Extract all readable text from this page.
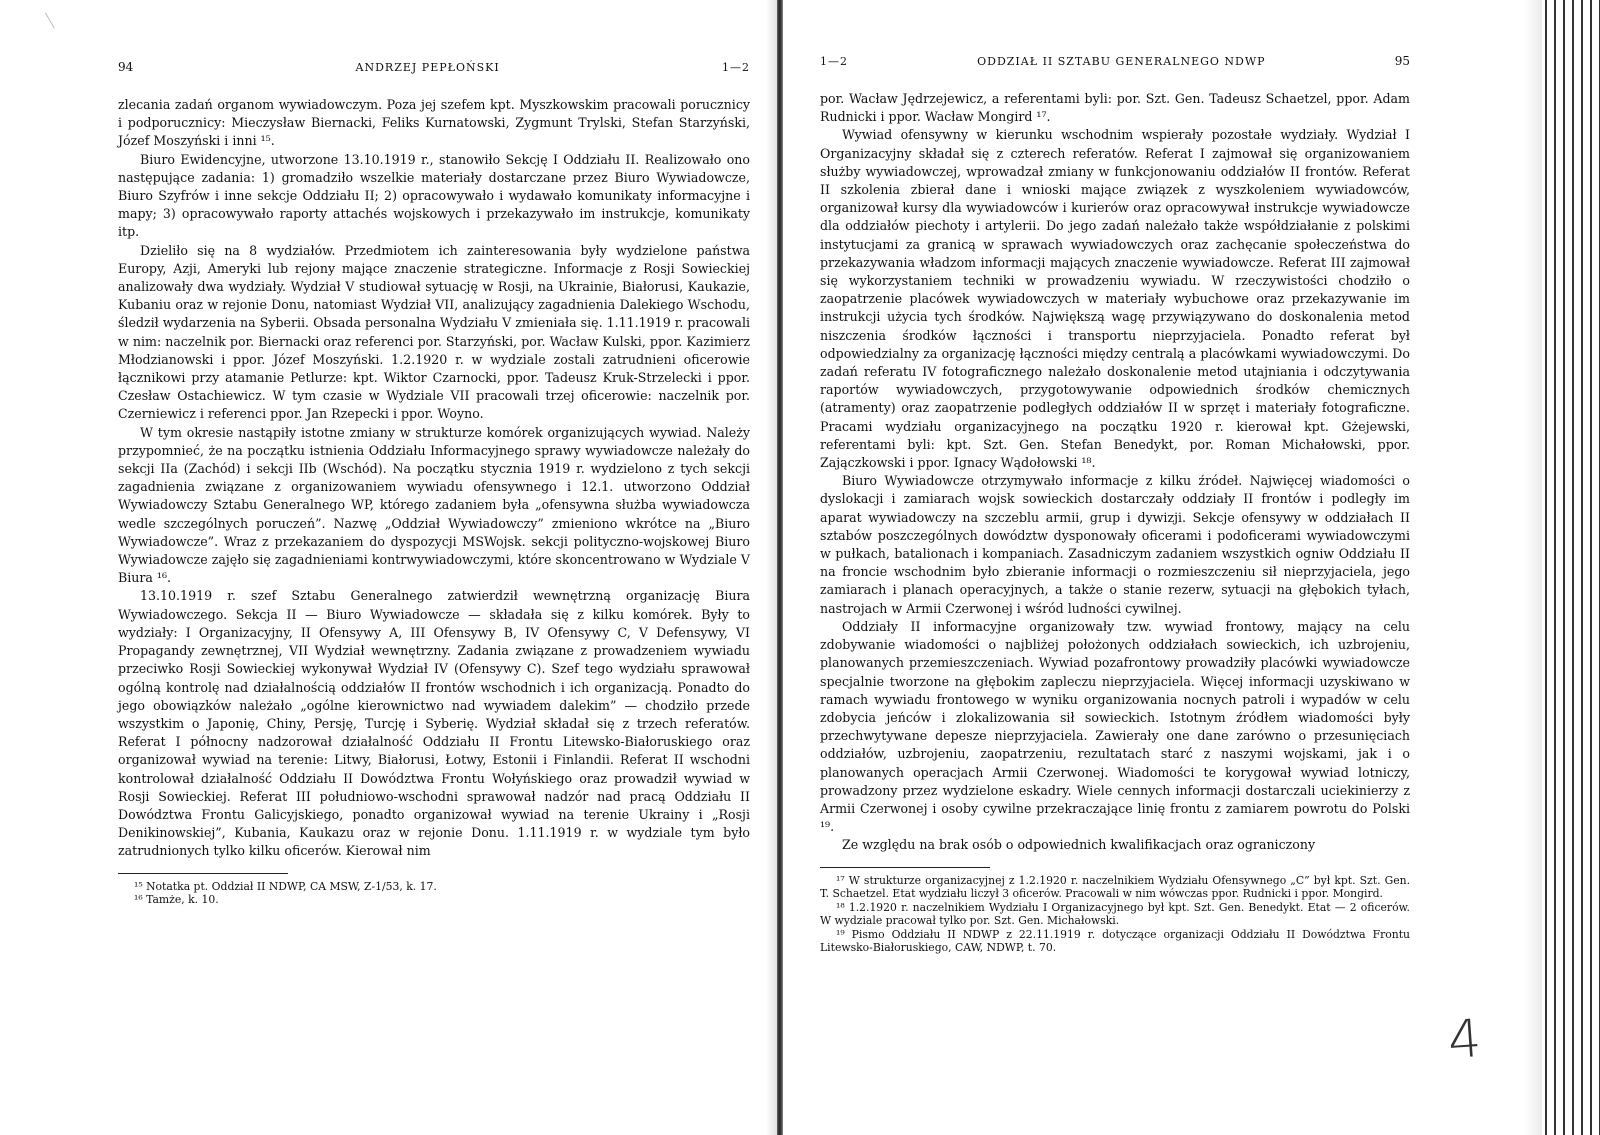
94	ANDRZEJ PEPŁOŃSKI	1—2

zlecania zadań organom wywiadowczym. Poza jej szefem kpt. Myszkowskim pracowali porucznicy i podporucznicy: Mieczysław Biernacki, Feliks Kurnatowski, Zygmunt Trylski, Stefan Starzyński, Józef Moszyński i inni ¹⁵.

Biuro Ewidencyjne, utworzone 13.10.1919 r., stanowiło Sekcję I Oddziału II. Realizowało ono następujące zadania: 1) gromadziło wszelkie materiały dostarczane przez Biuro Wywiadowcze, Biuro Szyfrów i inne sekcje Oddziału II; 2) opracowywało i wydawało komunikaty informacyjne i mapy; 3) opracowywało raporty attachés wojskowych i przekazywało im instrukcje, komunikaty itp.

Dzieliło się na 8 wydziałów. Przedmiotem ich zainteresowania były wydzielone państwa Europy, Azji, Ameryki lub rejony mające znaczenie strategiczne. Informacje z Rosji Sowieckiej analizowały dwa wydziały. Wydział V studiował sytuację w Rosji, na Ukrainie, Białorusi, Kaukazie, Kubaniu oraz w rejonie Donu, natomiast Wydział VII, analizujący zagadnienia Dalekiego Wschodu, śledził wydarzenia na Syberii. Obsada personalna Wydziału V zmieniała się. 1.11.1919 r. pracowali w nim: naczelnik por. Biernacki oraz referenci por. Starzyński, por. Wacław Kulski, ppor. Kazimierz Młodzianowski i ppor. Józef Moszyński. 1.2.1920 r. w wydziale zostali zatrudnieni oficerowie łącznikowi przy atamanie Petlurze: kpt. Wiktor Czarnocki, ppor. Tadeusz Kruk-Strzelecki i ppor. Czesław Ostachiewicz. W tym czasie w Wydziale VII pracowali trzej oficerowie: naczelnik por. Czerniewicz i referenci ppor. Jan Rzepecki i ppor. Woyno.

W tym okresie nastąpiły istotne zmiany w strukturze komórek organizujących wywiad. Należy przypomnieć, że na początku istnienia Oddziału Informacyjnego sprawy wywiadowcze należały do sekcji IIa (Zachód) i sekcji IIb (Wschód). Na początku stycznia 1919 r. wydzielono z tych sekcji zagadnienia związane z organizowaniem wywiadu ofensywnego i 12.1. utworzono Oddział Wywiadowczy Sztabu Generalnego WP, którego zadaniem była „ofensywna służba wywiadowcza wedle szczególnych poruczeń”. Nazwę „Oddział Wywiadowczy” zmieniono wkrótce na „Biuro Wywiadowcze”. Wraz z przekazaniem do dyspozycji MSWojsk. sekcji polityczno-wojskowej Biuro Wywiadowcze zajęło się zagadnieniami kontrwywiadowczymi, które skoncentrowano w Wydziale V Biura ¹⁶.

13.10.1919 r. szef Sztabu Generalnego zatwierdził wewnętrzną organizację Biura Wywiadowczego. Sekcja II — Biuro Wywiadowcze — składała się z kilku komórek. Były to wydziały: I Organizacyjny, II Ofensywy A, III Ofensywy B, IV Ofensywy C, V Defensywy, VI Propagandy zewnętrznej, VII Wydział wewnętrzny. Zadania związane z prowadzeniem wywiadu przeciwko Rosji Sowieckiej wykonywał Wydział IV (Ofensywy C). Szef tego wydziału sprawował ogólną kontrolę nad działalnością oddziałów II frontów wschodnich i ich organizacją. Ponadto do jego obowiązków należało „ogólne kierownictwo nad wywiadem dalekim” — chodziło przede wszystkim o Japonię, Chiny, Persję, Turcję i Syberię. Wydział składał się z trzech referatów. Referat I północny nadzorował działalność Oddziału II Frontu Litewsko-Białoruskiego oraz organizował wywiad na terenie: Litwy, Białorusi, Łotwy, Estonii i Finlandii. Referat II wschodni kontrolował działalność Oddziału II Dowództwa Frontu Wołyńskiego oraz prowadził wywiad w Rosji Sowieckiej. Referat III południowo-wschodni sprawował nadzór nad pracą Oddziału II Dowództwa Frontu Galicyjskiego, ponadto organizował wywiad na terenie Ukrainy i „Rosji Denikinowskiej”, Kubania, Kaukazu oraz w rejonie Donu. 1.11.1919 r. w wydziale tym było zatrudnionych tylko kilku oficerów. Kierował nim

¹⁵ Notatka pt. Oddział II NDWP, CA MSW, Z-1/53, k. 17.

¹⁶ Tamże, k. 10.

1—2	ODDZIAŁ II SZTABU GENERALNEGO NDWP	95

por. Wacław Jędrzejewicz, a referentami byli: por. Szt. Gen. Tadeusz Schaetzel, ppor. Adam Rudnicki i ppor. Wacław Mongird ¹⁷.

Wywiad ofensywny w kierunku wschodnim wspierały pozostałe wydziały. Wydział I Organizacyjny składał się z czterech referatów. Referat I zajmował się organizowaniem służby wywiadowczej, wprowadzał zmiany w funkcjonowaniu oddziałów II frontów. Referat II szkolenia zbierał dane i wnioski mające związek z wyszkoleniem wywiadowców, organizował kursy dla wywiadowców i kurierów oraz opracowywał instrukcje wywiadowcze dla oddziałów piechoty i artylerii. Do jego zadań należało także współdziałanie z polskimi instytucjami za granicą w sprawach wywiadowczych oraz zachęcanie społeczeństwa do przekazywania władzom informacji mających znaczenie wywiadowcze. Referat III zajmował się wykorzystaniem techniki w prowadzeniu wywiadu. W rzeczywistości chodziło o zaopatrzenie placówek wywiadowczych w materiały wybuchowe oraz przekazywanie im instrukcji użycia tych środków. Największą wagę przywiązywano do doskonalenia metod niszczenia środków łączności i transportu nieprzyjaciela. Ponadto referat był odpowiedzialny za organizację łączności między centralą a placówkami wywiadowczymi. Do zadań referatu IV fotograficznego należało doskonalenie metod utajniania i odczytywania raportów wywiadowczych, przygotowywanie odpowiednich środków chemicznych (atramenty) oraz zaopatrzenie podległych oddziałów II w sprzęt i materiały fotograficzne. Pracami wydziału organizacyjnego na początku 1920 r. kierował kpt. Gżejewski, referentami byli: kpt. Szt. Gen. Stefan Benedykt, por. Roman Michałowski, ppor. Zajączkowski i ppor. Ignacy Wądołowski ¹⁸.

Biuro Wywiadowcze otrzymywało informacje z kilku źródeł. Najwięcej wiadomości o dyslokacji i zamiarach wojsk sowieckich dostarczały oddziały II frontów i podległy im aparat wywiadowczy na szczeblu armii, grup i dywizji. Sekcje ofensywy w oddziałach II sztabów poszczególnych dowództw dysponowały oficerami i podoficerami wywiadowczymi w pułkach, batalionach i kompaniach. Zasadniczym zadaniem wszystkich ogniw Oddziału II na froncie wschodnim było zbieranie informacji o rozmieszczeniu sił nieprzyjaciela, jego zamiarach i planach operacyjnych, a także o stanie rezerw, sytuacji na głębokich tyłach, nastrojach w Armii Czerwonej i wśród ludności cywilnej.

Oddziały II informacyjne organizowały tzw. wywiad frontowy, mający na celu zdobywanie wiadomości o najbliżej położonych oddziałach sowieckich, ich uzbrojeniu, planowanych przemieszczeniach. Wywiad pozafrontowy prowadziły placówki wywiadowcze specjalnie tworzone na głębokim zapleczu nieprzyjaciela. Więcej informacji uzyskiwano w ramach wywiadu frontowego w wyniku organizowania nocnych patroli i wypadów w celu zdobycia jeńców i zlokalizowania sił sowieckich. Istotnym źródłem wiadomości były przechwytywane depesze nieprzyjaciela. Zawierały one dane zarówno o przesunięciach oddziałów, uzbrojeniu, zaopatrzeniu, rezultatach starć z naszymi wojskami, jak i o planowanych operacjach Armii Czerwonej. Wiadomości te korygował wywiad lotniczy, prowadzony przez wydzielone eskadry. Wiele cennych informacji dostarczali uciekinierzy z Armii Czerwonej i osoby cywilne przekraczające linię frontu z zamiarem powrotu do Polski ¹⁹.

Ze względu na brak osób o odpowiednich kwalifikacjach oraz ograniczony

¹⁷ W strukturze organizacyjnej z 1.2.1920 r. naczelnikiem Wydziału Ofensywnego „C” był kpt. Szt. Gen. T. Schaetzel. Etat wydziału liczył 3 oficerów. Pracowali w nim wówczas ppor. Rudnicki i ppor. Mongird.

¹⁸ 1.2.1920 r. naczelnikiem Wydziału I Organizacyjnego był kpt. Szt. Gen. Benedykt. Etat — 2 oficerów. W wydziale pracował tylko por. Szt. Gen. Michałowski.

¹⁹ Pismo Oddziału II NDWP z 22.11.1919 r. dotyczące organizacji Oddziału II Dowództwa Frontu Litewsko-Białoruskiego, CAW, NDWP, t. 70.

4
